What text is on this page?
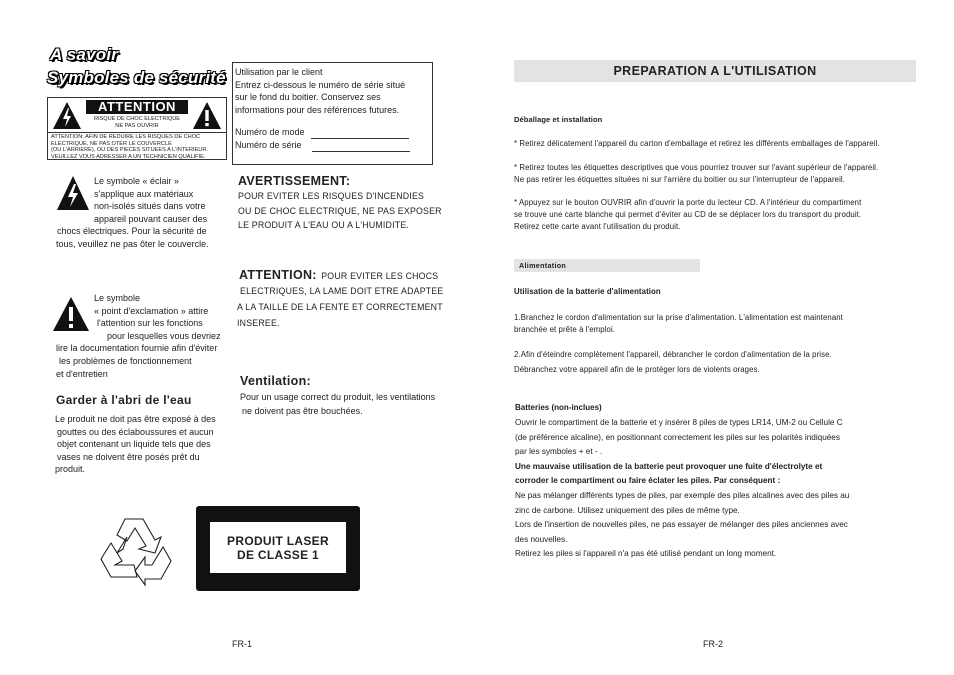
A savoir
Symboles de sécurité
ATTENTION
RISQUE DE CHOC ELECTRIQUE
NE PAS OUVRIR
ATTENTION: AFIN DE REDUIRE LES RISQUES DE CHOC
ELECTRIQUE, NE PAS OTER LE COUVERCLE
(OU L'ARRIERE), OU DES PIECES SITUEES A L'INTERIEUR.
VEUILLEZ VOUS ADRESSER A UN TECHNICIEN QUALIFIE.
Utilisation par le client
Entrez ci-dessous le numéro de série situé
sur le fond du boitier. Conservez ses
informations pour des références futures.
Numéro de mode
Numéro de série
Le symbole « éclair »
s'applique aux matériaux
non-isolés situés dans votre
appareil pouvant causer des
chocs électriques. Pour la sécurité de
tous, veuillez ne pas ôter le couvercle.
AVERTISSEMENT:
POUR EVITER LES RISQUES D'INCENDIES
OU DE CHOC ELECTRIQUE, NE PAS EXPOSER
LE PRODUIT A L'EAU OU A L'HUMIDITE.
ATTENTION: POUR EVITER LES CHOCS
ELECTRIQUES, LA LAME DOIT ETRE ADAPTEE
A LA TAILLE DE LA FENTE ET CORRECTEMENT
INSEREE.
Le symbole
« point d'exclamation » attire
l'attention sur les fonctions
pour lesquelles vous devriez
lire la documentation fournie afin d'éviter
les problèmes de fonctionnement
et d'entretien
Ventilation:
Pour un usage correct du produit, les ventilations
ne doivent pas être bouchées.
Garder à l'abri de l'eau
Le produit ne doit pas être exposé à des
gouttes ou des éclaboussures et aucun
objet contenant un liquide tels que des
vases ne doivent être posés prêt du
produit.
PRODUIT LASER
DE CLASSE 1
FR-1
PREPARATION A L'UTILISATION
Déballage et installation
* Retirez délicatement l'appareil du carton d'emballage et retirez les différents emballages de l'appareil.
* Retirez toutes les étiquettes descriptives que vous pourriez trouver sur l'avant supérieur de l'appareil.
Ne pas retirer les étiquettes situées ni sur l'arrière du boitier ou sur l'interrupteur de l'appareil.
* Appuyez sur le bouton OUVRIR afin d'ouvrir la porte du lecteur CD. A l'intérieur du compartiment
se trouve une carte blanche qui permet d'éviter au CD de se déplacer lors du transport du produit.
Retirez cette carte avant l'utilisation du produit.
Alimentation
Utilisation de la batterie d'alimentation
1.Branchez le cordon d'alimentation sur la prise d'alimentation. L'alimentation est maintenant
branchée et prête à l'emploi.
2.Afin d'éteindre complètement l'appareil, débrancher le cordon d'alimentation de la prise.
Débranchez votre appareil afin de le protéger lors de violents orages.
Batteries (non-inclues)
Ouvrir le compartiment de la batterie et y insérer 8 piles de types LR14, UM-2 ou Cellule C
(de préférence alcaline), en positionnant correctement les piles sur les polarités indiquées
par les symboles + et - .
Une mauvaise utilisation de la batterie peut provoquer une fuite d'électrolyte et
corroder le compartiment ou faire éclater les piles. Par conséquent :
Ne pas mélanger différents types de piles, par exemple des piles alcalines avec des piles au
zinc de carbone. Utilisez uniquement des piles de même type.
Lors de l'insertion de nouvelles piles, ne pas essayer de mélanger des piles anciennes avec
des nouvelles.
Retirez les piles si l'appareil n'a pas été utilisé pendant un long moment.
FR-2
